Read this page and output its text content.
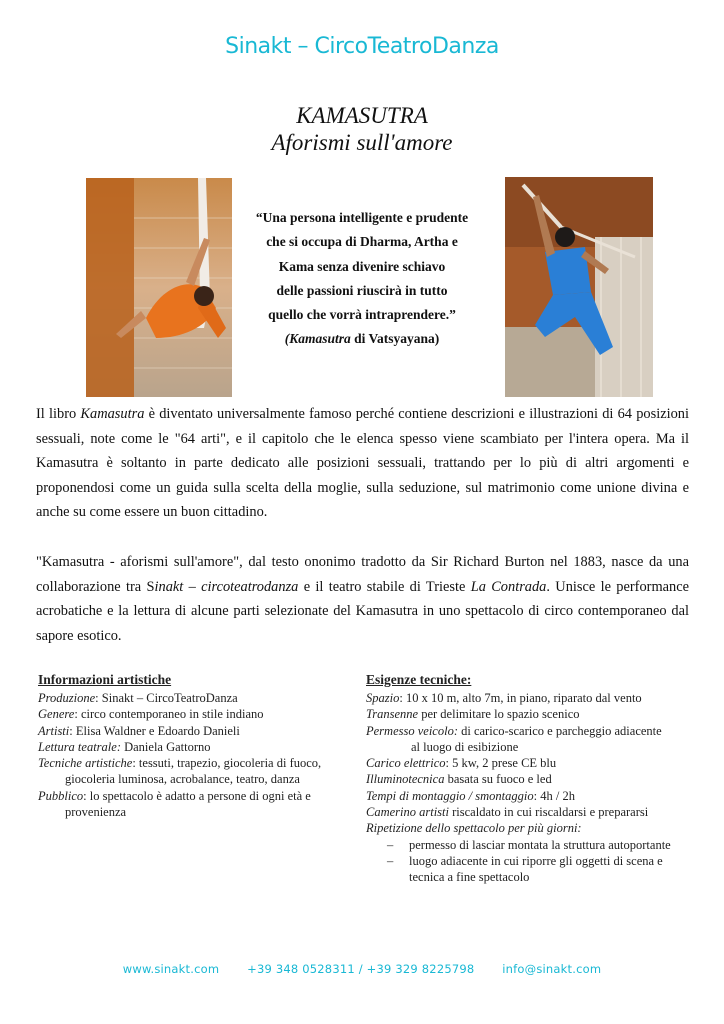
Sinakt – CircoTeatroDanza
KAMASUTRA
Aforismi sull'amore
“Una persona intelligente e prudente
che si occupa di Dharma, Artha e
Kama senza divenire schiavo
delle passioni riuscirà in tutto
quello che vorrà intraprendere.”
(Kamasutra di Vatsyayana)

Il libro Kamasutra è diventato universalmente famoso perché contiene descrizioni e illustrazioni di 64 posizioni sessuali, note come le "64 arti", e il capitolo che le elenca spesso viene scambiato per l'intera opera. Ma il Kamasutra è soltanto in parte dedicato alle posizioni sessuali, trattando per lo più di altri argomenti e proponendosi come un guida sulla scelta della moglie, sulla seduzione, sul matrimonio come unione divina e anche su come essere un buon cittadino.

"Kamasutra - aforismi sull'amore", dal testo ononimo tradotto da Sir Richard Burton nel 1883, nasce da una collaborazione tra Sinakt – circoteatrodanza e il teatro stabile di Trieste La Contrada. Unisce le performance acrobatiche e la lettura di alcune parti selezionate del Kamasutra in uno spettacolo di circo contemporaneo dal sapore esotico.

Informazioni artistiche
Produzione: Sinakt – CircoTeatroDanza
Genere: circo contemporaneo in stile indiano
Artisti: Elisa Waldner e Edoardo Danieli
Lettura teatrale: Daniela Gattorno
Tecniche artistiche: tessuti, trapezio, giocoleria di fuoco, giocoleria luminosa, acrobalance, teatro, danza
Pubblico: lo spettacolo è adatto a persone di ogni età e provenienza
Esigenze tecniche:
Spazio: 10 x 10 m, alto 7m, in piano, riparato dal vento
Transenne per delimitare lo spazio scenico
Permesso veicolo: di carico-scarico e parcheggio adiacente
al luogo di esibizione
Carico elettrico: 5 kw, 2 prese CE blu
Illuminotecnica basata su fuoco e led
Tempi di montaggio / smontaggio: 4h / 2h
Camerino artisti riscaldato in cui riscaldarsi e prepararsi
Ripetizione dello spettacolo per più giorni:
– permesso di lasciar montata la struttura autoportante
– luogo adiacente in cui riporre gli oggetti di scena e tecnica a fine spettacolo
www.sinakt.com +39 348 0528311 / +39 329 8225798 info@sinakt.com
